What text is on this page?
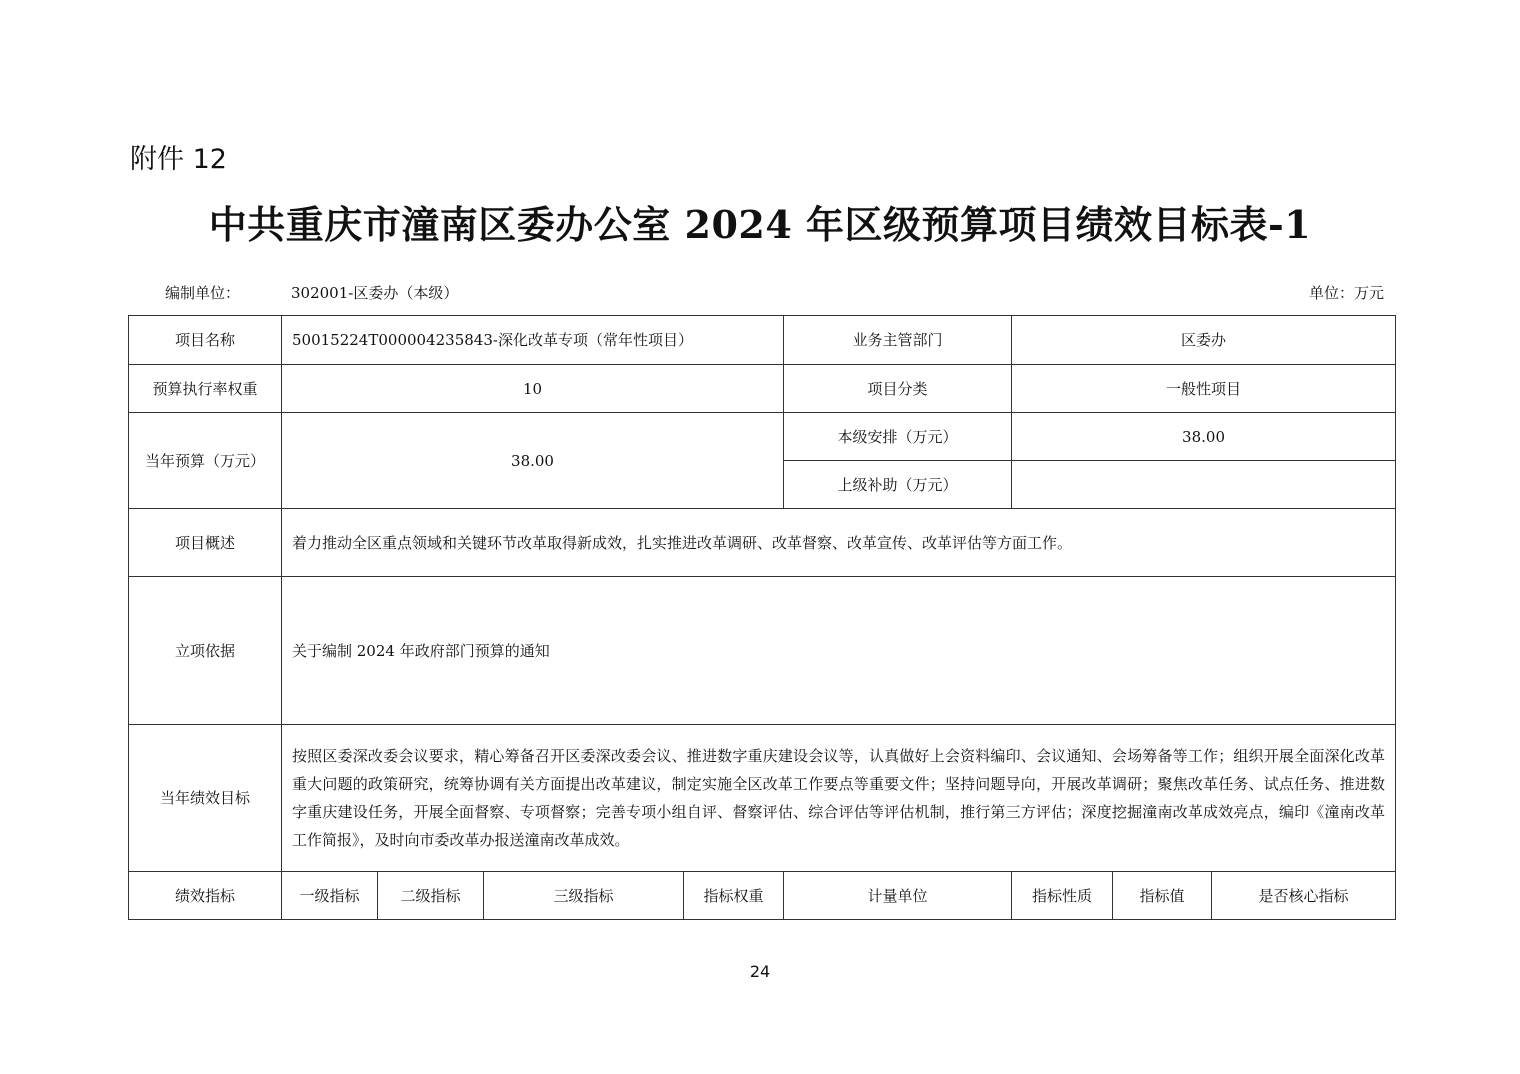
附件 12
中共重庆市潼南区委办公室 2024 年区级预算项目绩效目标表-1
编制单位：	302001-区委办（本级）	单位：万元
项目名称	50015224T000004235843-深化改革专项（常年性项目）				业务主管部门	区委办		
预算执行率权重	10				项目分类	一般性项目		
当年预算（万元）	38.00				本级安排（万元）	38.00		
					上级补助（万元）			
项目概述	着力推动全区重点领域和关键环节改革取得新成效，扎实推进改革调研、改革督察、改革宣传、改革评估等方面工作。							
立项依据	关于编制 2024 年政府部门预算的通知							
当年绩效目标	按照区委深改委会议要求，精心筹备召开区委深改委会议、推进数字重庆建设会议等，认真做好上会资料编印、会议通知、会场筹备等工作；组织开展全面深化改革重大问题的政策研究，统筹协调有关方面提出改革建议，制定实施全区改革工作要点等重要文件；坚持问题导向，开展改革调研；聚焦改革任务、试点任务、推进数字重庆建设任务，开展全面督察、专项督察；完善专项小组自评、督察评估、综合评估等评估机制，推行第三方评估；深度挖掘潼南改革成效亮点，编印《潼南改革工作简报》，及时向市委改革办报送潼南改革成效。							
绩效指标	一级指标	二级指标	三级指标	指标权重	计量单位	指标性质	指标值	是否核心指标
24
